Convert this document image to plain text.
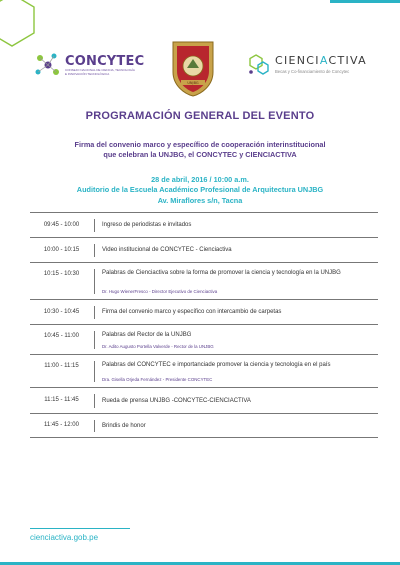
CONCYTEC
CONSEJO NACIONAL DE CIENCIA, TECNOLOGÍA E INNOVACIÓN TECNOLÓGICA
UNJBG
CIENCIACTIVA
Becas y Co-financiamiento de Concytec
PROGRAMACIÓN GENERAL DEL EVENTO
Firma del convenio marco y específico de cooperación interinstitucional
que celebran la UNJBG, el CONCYTEC y CIENCIACTIVA
28 de abril, 2016 / 10:00 a.m.
Auditorio de la Escuela Académico Profesional de Arquitectura UNJBG
Av. Miraflores s/n, Tacna
09:45 - 10:00	Ingreso de periodistas e invitados
10:00 - 10:15	Video institucional de CONCYTEC - Cienciactiva
10:15 - 10:30	Palabras de Cienciactiva sobre la forma de promover la ciencia y tecnología en la UNJBG
Dr. Hugo WienerFresco - Director Ejecutivo de Cienciactiva
10:30 - 10:45	Firma del convenio marco y específico con intercambio de carpetas
10:45 - 11:00	Palabras del Rector de la UNJBG
Dr. Adito Augusto Portella Valverde - Rector de la UNJBG
11:00 - 11:15	Palabras del CONCYTEC e importanciade promover la ciencia y tecnología en el país
Dra. Gisella Orjeda Fernández - Presidente CONCYTEC
11:15 - 11:45	Rueda de prensa UNJBG -CONCYTEC-CIENCIACTIVA
11:45 - 12:00	Brindis de honor
cienciactiva.gob.pe
